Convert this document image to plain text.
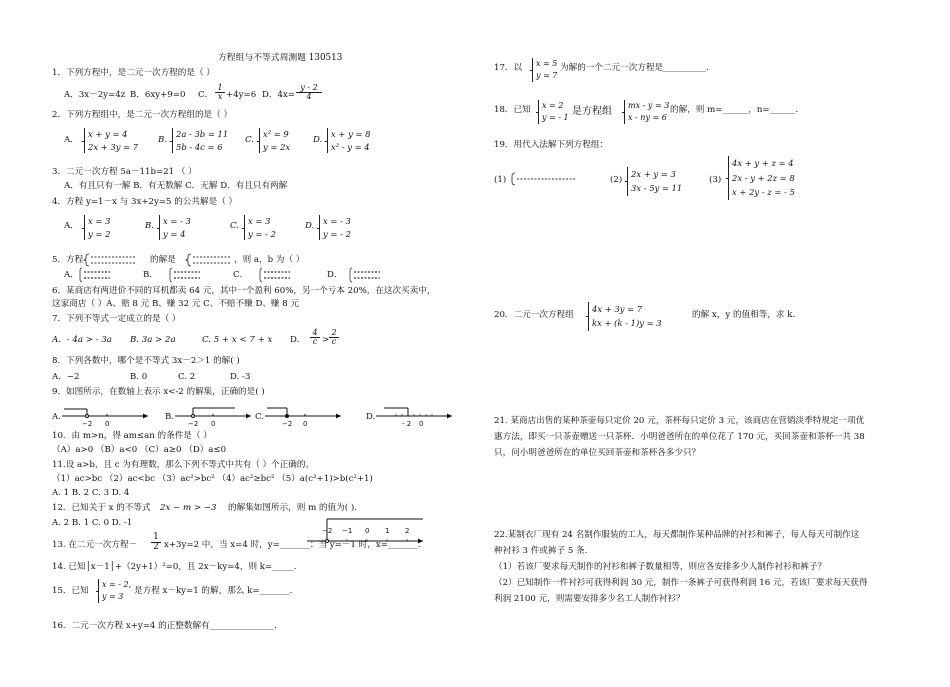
方程组与不等式周测题 130513
1．下列方程中，是二元一次方程的是（ ）
A．3x－2y=4z B．6xy+9=0 C． $\frac{1}{x} +4y=6$ D．$4x= \frac{y - 2}{4}$
2．下列方程组中，是二元一次方程组的是（ ）
A．
x + y = 4
2x + 3y = 7
B.
2a - 3b = 11
5b - 4c = 6
C.
x² = 9
y = 2x
D.
x + y = 8
x² - y = 4
3．二元一次方程 5a－11b=21 （ ）
A．有且只有一解 B．有无数解 C．无解 D．有且只有两解
4．方程 y=1－x 与 3x+2y=5 的公共解是（ ）
A． x = 3
y = 2
B. x = - 3
y = 4
C. x = 3
y = - 2
D. x = - 3
y = - 2
5．方程	的解是	，则 a，b 为（ ）
A．	B．	C．	D．
6．某商店有两进价不同的耳机都卖 64 元，其中一个盈利 60%，另一个亏本 20%，在这次买卖中，
这家商店（ ）A、赔 8 元 B、赚 32 元 C、不赔不赚 D、赚 8 元
7．下列不等式一定成立的是（ ）
A．- 4a > - 3a B. 3a > 2a	C. 5 + x < 7 + x D. $\frac{4}{c} > \frac{2}{c}$
8．下列各数中，哪个是不等式 3x－2＞1 的解( )
A．−2	B. 0	C. 2	D. -3
9．如图所示，在数轴上表示 x<-2 的解集，正确的是( )
A.
−2 0
B.
−2 0
C.
−2 0
D.
- 2 0
10．由 m>n，得 am≤an 的条件是（ ）
（A）a>0 （B）a<0 （C）a≥0 （D）a≤0
11.设 a>b，且 c 为有理数，那么下列不等式中共有（ ）个正确的。
（1）ac>bc （2）ac<bc （3）ac²>bc² （4）ac²≥bc² （5）a(c²+1)>b(c²+1)
A. 1 B. 2 C. 3 D. 4
12．已知关于 x 的不等式 2x − m > −3 的解集如图所示，则 m 的值为( ).
A. 2 B. 1 C. 0 D. -1
−2 −1 0 1 2
13. 在二元一次方程－ $\frac{1}{2} x+3y=2$ 中，当 x=4 时，y=_______；当 y=－1 时，x=_______.
14. 已知│x－1│+（2y+1）²=0，且 2x－ky=4，则 k=_____.
15．已知
x = - 2,
y = 3
是方程 x－ky=1 的解，那么 k=_______.
16．二元一次方程 x+y=4 的正整数解有_______________.
17．以 x = 5
y = 7
为解的一个二元一次方程是__________.
18．已知 x = 2
y = - 1
是方程组
mx - y = 3
x - ny = 6
的解，则 m=______，n=______.
19．用代入法解下列方程组：
(1)	(2)
2x + y = 3
3x - 5y = 11
(3)
4x + y + z = 4
2x - y + 2z = 8
x + 2y - z = - 5
20．二元一次方程组
4x + 3y = 7
kx + (k - 1)y = 3
的解 x，y 的值相等，求 k.
21. 某商店出售的某种茶壶每只定价 20 元，茶杯每只定价 3 元，该商店在营销淡季特规定一项优
惠方法，即买一只茶壶赠送一只茶杯．小明爸爸所在的单位花了 170 元，买回茶壶和茶杯一共 38
只，问小明爸爸所在的单位买回茶壶和茶杯各多少只？
22.某制衣厂现有 24 名制作服装的工人，每天都制作某种品牌的衬衫和裤子，每人每天可制作这
种衬衫 3 件或裤子 5 条.
（1）若该厂要求每天制作的衬衫和裤子数量相等，则应各安排多少人制作衬衫和裤子？
（2）已知制作一件衬衫可获得利润 30 元，制作一条裤子可获得利润 16 元，若该厂要求每天获得
利润 2100 元，则需要安排多少名工人制作衬衫？
